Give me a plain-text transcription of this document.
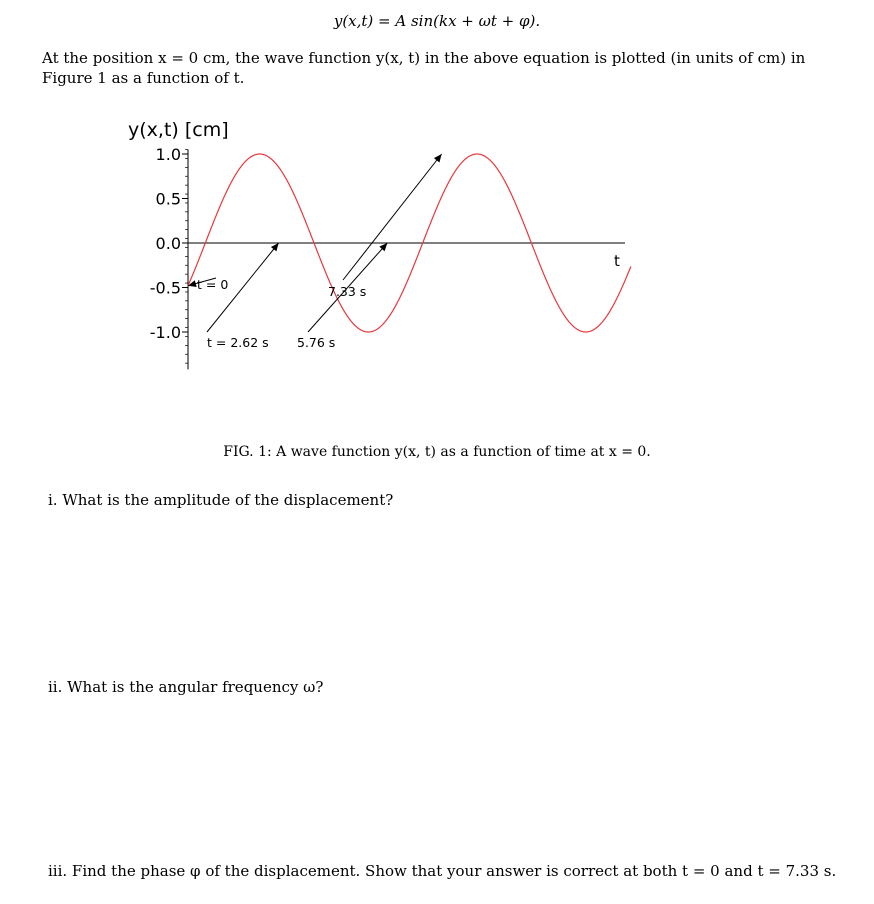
y(x,t) = A sin(kx + ωt + φ).
At the position x = 0 cm, the wave function y(x, t) in the above equation is plotted (in units of cm) in Figure 1 as a function of t.
y(x,t) [cm]
1.0
0.5
0.0
-0.5
-1.0
t
t = 0
t = 2.62 s 5.76 s
7.33 s
FIG. 1: A wave function y(x, t) as a function of time at x = 0.
i. What is the amplitude of the displacement?
ii. What is the angular frequency ω?
iii. Find the phase φ of the displacement. Show that your answer is correct at both t = 0 and t = 7.33 s.
